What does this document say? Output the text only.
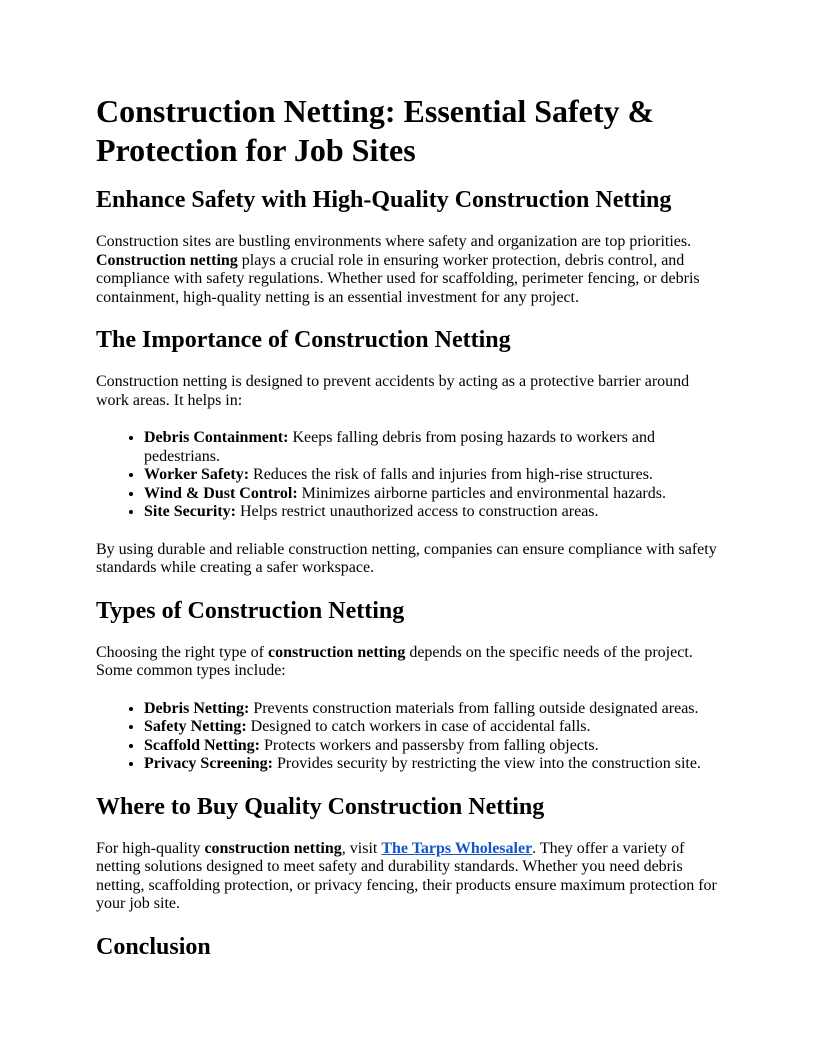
Construction Netting: Essential Safety & Protection for Job Sites
Enhance Safety with High-Quality Construction Netting

Construction sites are bustling environments where safety and organization are top priorities. Construction netting plays a crucial role in ensuring worker protection, debris control, and compliance with safety regulations. Whether used for scaffolding, perimeter fencing, or debris containment, high-quality netting is an essential investment for any project.

The Importance of Construction Netting

Construction netting is designed to prevent accidents by acting as a protective barrier around work areas. It helps in:

• Debris Containment: Keeps falling debris from posing hazards to workers and pedestrians.
• Worker Safety: Reduces the risk of falls and injuries from high-rise structures.
• Wind & Dust Control: Minimizes airborne particles and environmental hazards.
• Site Security: Helps restrict unauthorized access to construction areas.

By using durable and reliable construction netting, companies can ensure compliance with safety standards while creating a safer workspace.

Types of Construction Netting

Choosing the right type of construction netting depends on the specific needs of the project. Some common types include:

• Debris Netting: Prevents construction materials from falling outside designated areas.
• Safety Netting: Designed to catch workers in case of accidental falls.
• Scaffold Netting: Protects workers and passersby from falling objects.
• Privacy Screening: Provides security by restricting the view into the construction site.
Where to Buy Quality Construction Netting

For high-quality construction netting, visit The Tarps Wholesaler. They offer a variety of netting solutions designed to meet safety and durability standards. Whether you need debris netting, scaffolding protection, or privacy fencing, their products ensure maximum protection for your job site.

Conclusion
